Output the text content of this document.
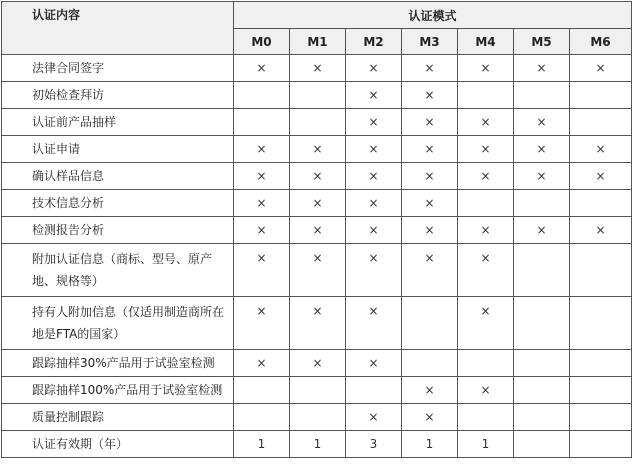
认证内容	认证模式						
	M0	M1	M2	M3	M4	M5	M6
法律合同签字	×	×	×	×	×	×	×
初始检查拜访			×	×			
认证前产品抽样			×	×	×	×	
认证申请	×	×	×	×	×	×	×
确认样品信息	×	×	×	×	×	×	×
技术信息分析	×	×	×	×			
检测报告分析	×	×	×	×	×	×	×
附加认证信息（商标、型号、原产地、规格等）	×	×	×	×	×		
持有人附加信息（仅适用制造商所在地是FTA的国家）	×	×	×		×		
跟踪抽样30%产品用于试验室检测	×	×	×				
跟踪抽样100%产品用于试验室检测				×	×		
质量控制跟踪			×	×			
认证有效期（年）	1	1	3	1	1		
